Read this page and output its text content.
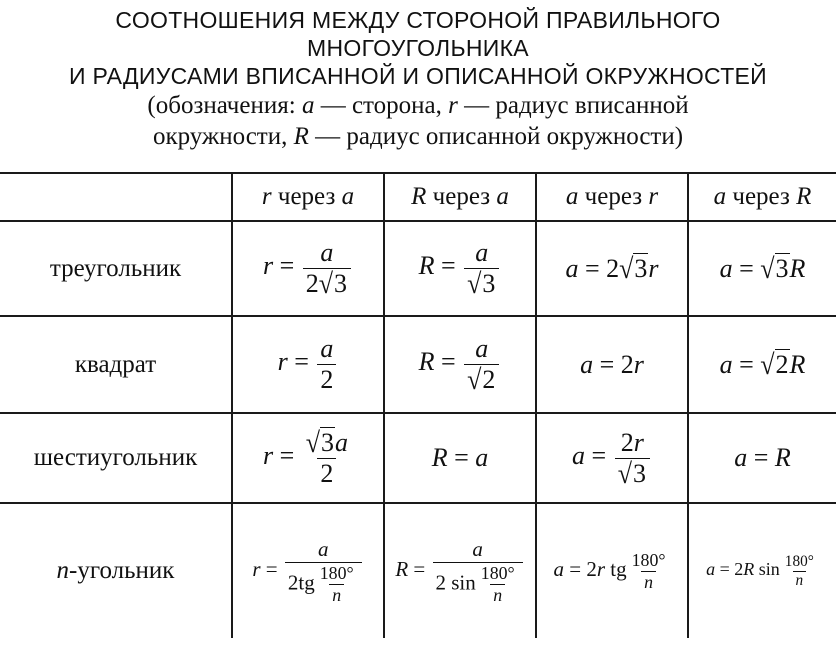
СООТНОШЕНИЯ МЕЖДУ СТОРОНОЙ ПРАВИЛЬНОГО
МНОГОУГОЛЬНИКА
И РАДИУСАМИ ВПИСАННОЙ И ОПИСАННОЙ ОКРУЖНОСТЕЙ
(обозначения: a — сторона, r — радиус вписанной
окружности, R — радиус описанной окружности)
	r через a	R через a	a через r	a через R
треугольник	$r = \frac{a}{2√3}$	$R = \frac{a}{√3}$	a = 2√3r	a = √3R
квадрат	$r = \frac{a}{2}$	$R = \frac{a}{√2}$	a = 2r	a = √2R
шестиугольник	$r = \frac{√3a}{2}$	R = a	$a = \frac{2r}{√3}$	a = R
n-угольник	$r = \frac{a}{2tg \frac{180^\circ}{n}}$	$R = \frac{a}{2 \sin \frac{180^\circ}{n}}$	a = 2r tg $\frac{180^\circ}{n}$	a = 2R $\sin \frac{180^\circ}{n}$
